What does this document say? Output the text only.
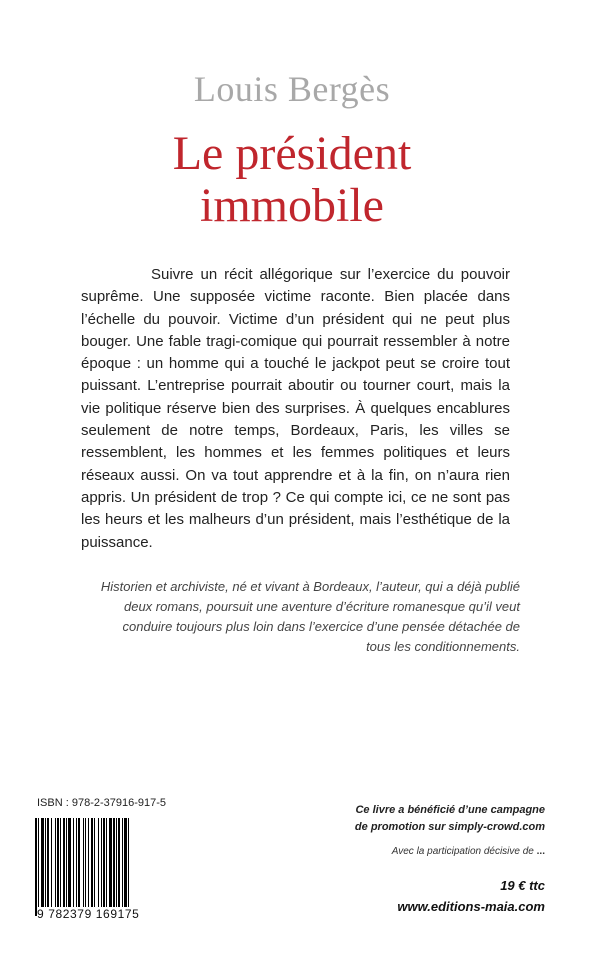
Louis Bergès

Le président
immobile

Suivre un récit allégorique sur l’exercice du pouvoir suprême. Une supposée victime raconte. Bien placée dans l’échelle du pouvoir. Victime d’un président qui ne peut plus bouger. Une fable tragi-comique qui pourrait ressembler à notre époque : un homme qui a touché le jackpot peut se croire tout puissant. L’entreprise pourrait aboutir ou tourner court, mais la vie politique réserve bien des surprises. À quelques encablures seulement de notre temps, Bordeaux, Paris, les villes se ressemblent, les hommes et les femmes politiques et leurs réseaux aussi. On va tout apprendre et à la fin, on n’aura rien appris. Un président de trop ? Ce qui compte ici, ce ne sont pas les heurs et les malheurs d’un président, mais l’esthétique de la puissance.

Historien et archiviste, né et vivant à Bordeaux, l’auteur, qui a déjà publié deux romans, poursuit une aventure d’écriture romanesque qu’il veut conduire toujours plus loin dans l’exercice d’une pensée détachée de tous les conditionnements.

ISBN : 978-2-37916-917-5

9 782379 169175

Ce livre a bénéficié d’une campagne
de promotion sur simply-crowd.com

Avec la participation décisive de ...

19 € ttc

www.editions-maia.com
